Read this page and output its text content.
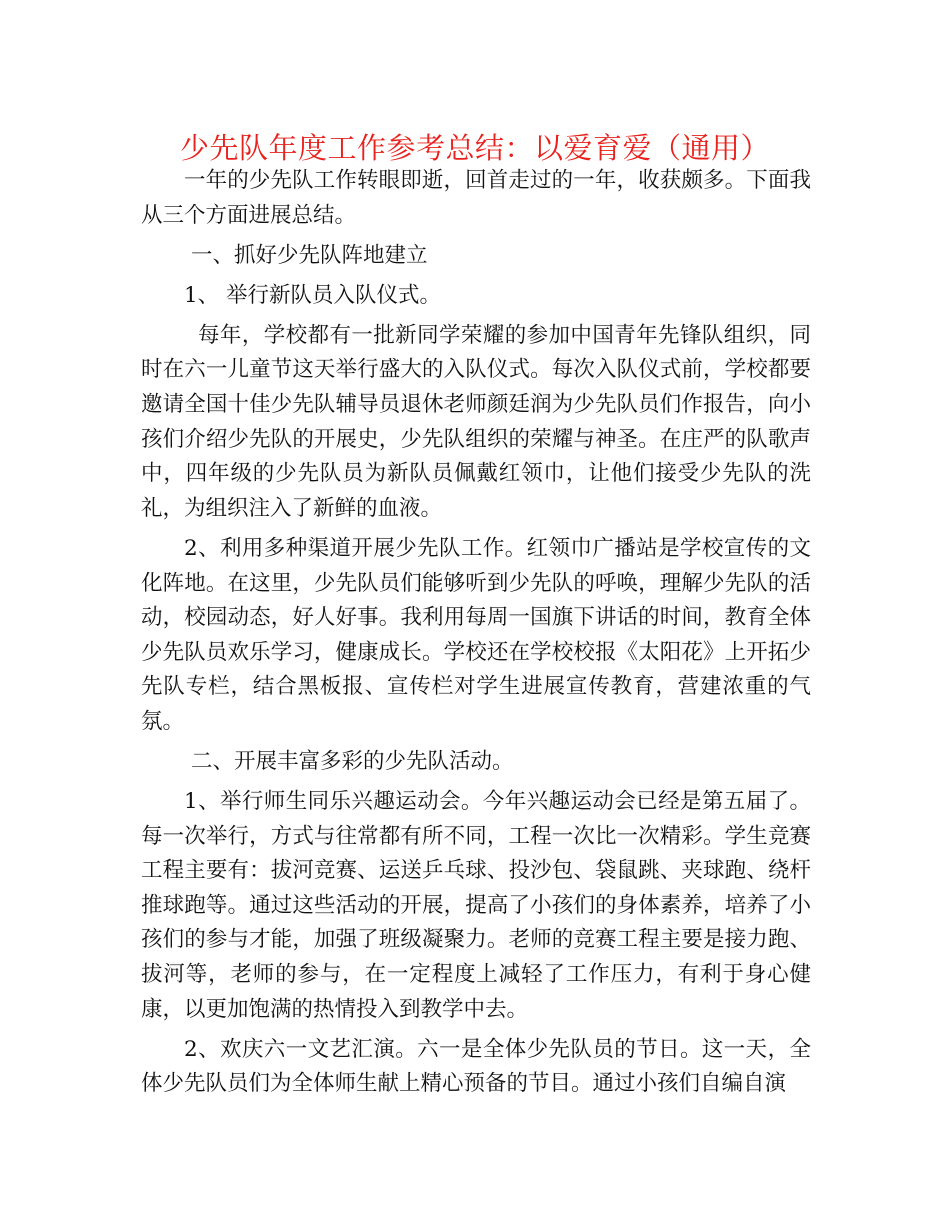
少先队年度工作参考总结：以爱育爱（通用）

一年的少先队工作转眼即逝，回首走过的一年，收获颇多。下面我从三个方面进展总结。

一、抓好少先队阵地建立

1、 举行新队员入队仪式。

每年，学校都有一批新同学荣耀的参加中国青年先锋队组织，同时在六一儿童节这天举行盛大的入队仪式。每次入队仪式前，学校都要邀请全国十佳少先队辅导员退休老师颜廷润为少先队员们作报告，向小孩们介绍少先队的开展史，少先队组织的荣耀与神圣。在庄严的队歌声中，四年级的少先队员为新队员佩戴红领巾，让他们接受少先队的洗礼，为组织注入了新鲜的血液。

2、利用多种渠道开展少先队工作。红领巾广播站是学校宣传的文化阵地。在这里，少先队员们能够听到少先队的呼唤，理解少先队的活动，校园动态，好人好事。我利用每周一国旗下讲话的时间，教育全体少先队员欢乐学习，健康成长。学校还在学校校报《太阳花》上开拓少先队专栏，结合黑板报、宣传栏对学生进展宣传教育，营建浓重的气氛。

二、开展丰富多彩的少先队活动。

1、举行师生同乐兴趣运动会。今年兴趣运动会已经是第五届了。每一次举行，方式与往常都有所不同，工程一次比一次精彩。学生竞赛工程主要有：拔河竞赛、运送乒乓球、投沙包、袋鼠跳、夹球跑、绕杆推球跑等。通过这些活动的开展，提高了小孩们的身体素养，培养了小孩们的参与才能，加强了班级凝聚力。老师的竞赛工程主要是接力跑、拔河等，老师的参与，在一定程度上减轻了工作压力，有利于身心健康，以更加饱满的热情投入到教学中去。

2、欢庆六一文艺汇演。六一是全体少先队员的节日。这一天，全体少先队员们为全体师生献上精心预备的节目。通过小孩们自编自演
